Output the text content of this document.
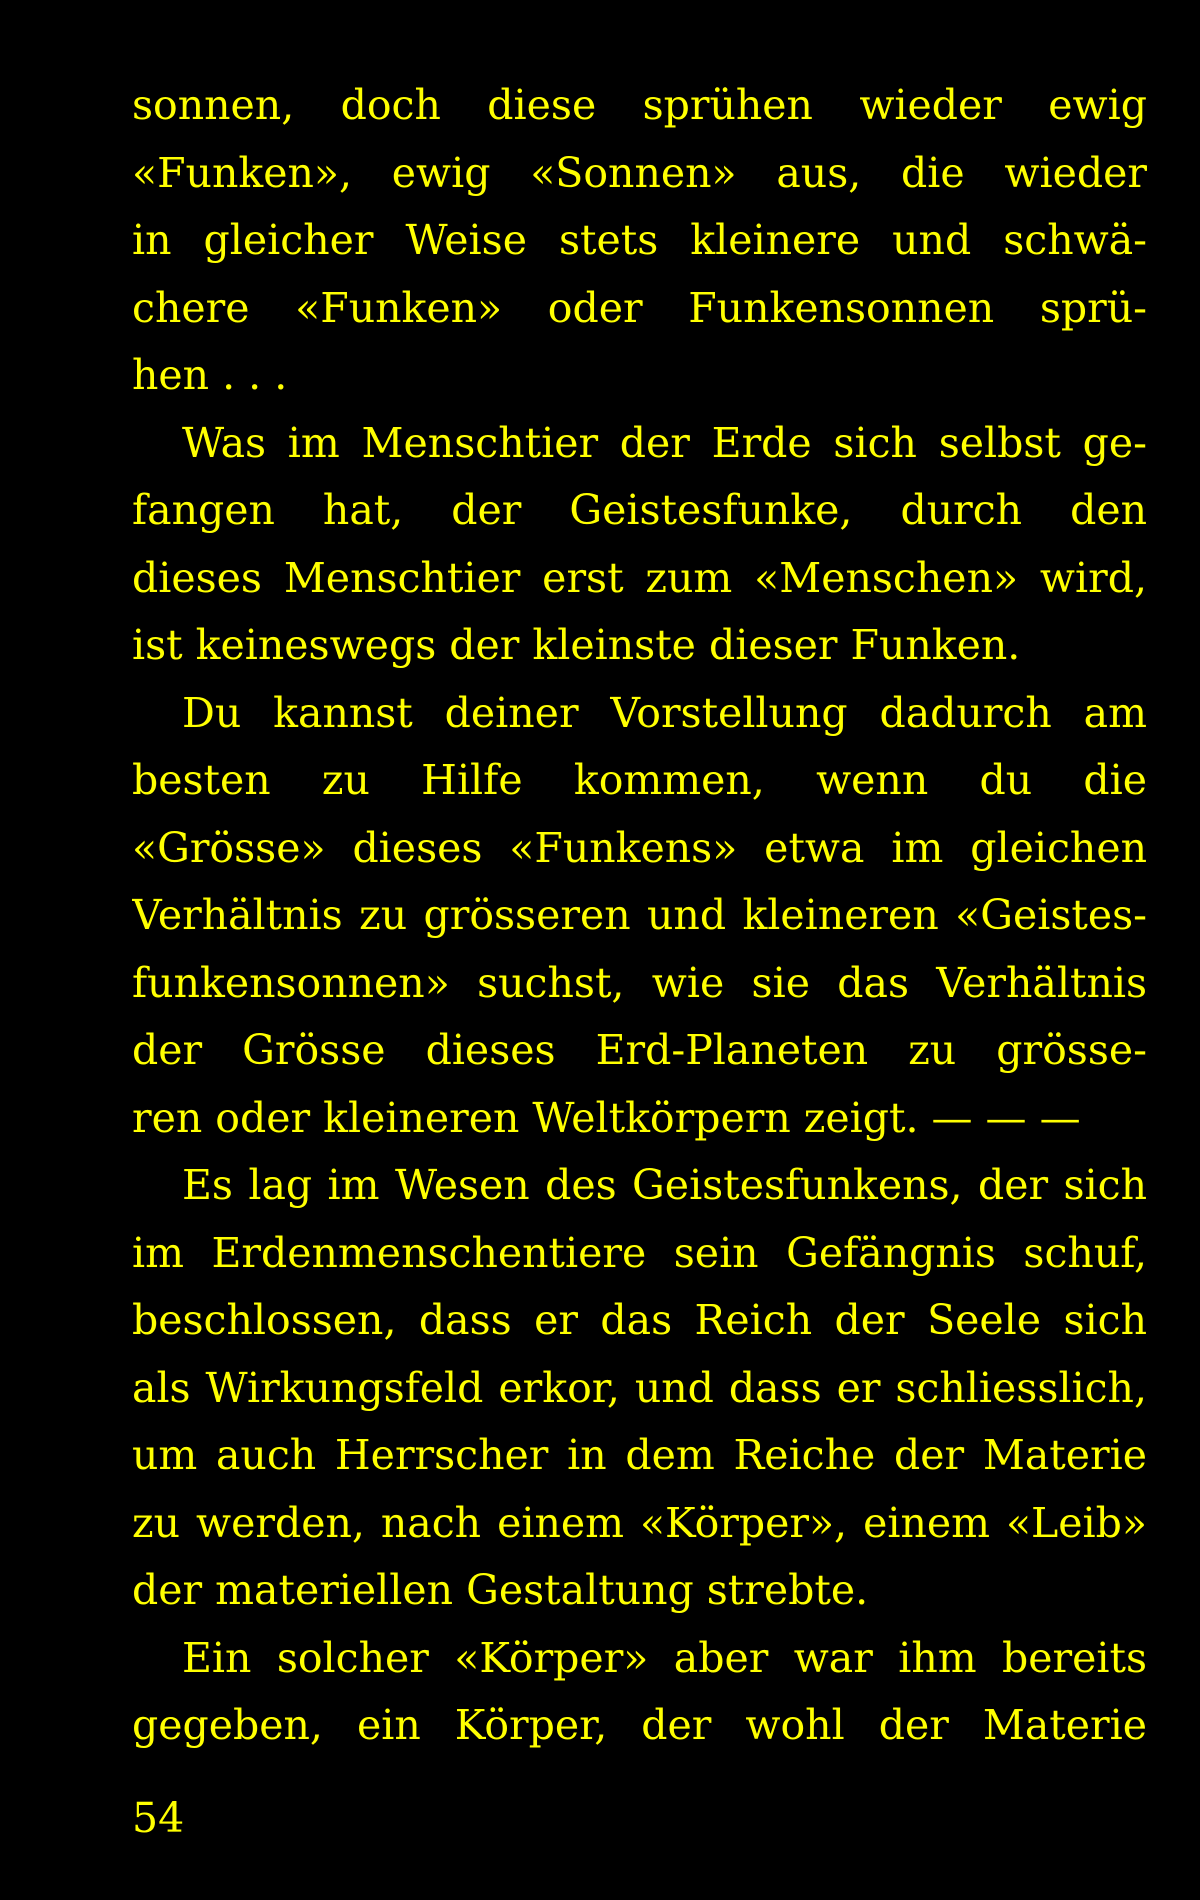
sonnen, doch diese sprühen wieder ewig
«Funken», ewig «Sonnen» aus, die wieder
in gleicher Weise stets kleinere und schwä-
chere «Funken» oder Funkensonnen sprü-
hen . . .
Was im Menschtier der Erde sich selbst ge-
fangen hat, der Geistesfunke, durch den
dieses Menschtier erst zum «Menschen» wird,
ist keineswegs der kleinste dieser Funken.
Du kannst deiner Vorstellung dadurch am
besten zu Hilfe kommen, wenn du die
«Grösse» dieses «Funkens» etwa im gleichen
Verhältnis zu grösseren und kleineren «Geistes-
funkensonnen» suchst, wie sie das Verhältnis
der Grösse dieses Erd-Planeten zu grösse-
ren oder kleineren Weltkörpern zeigt. — — —
Es lag im Wesen des Geistesfunkens, der sich
im Erdenmenschentiere sein Gefängnis schuf,
beschlossen, dass er das Reich der Seele sich
als Wirkungsfeld erkor, und dass er schliesslich,
um auch Herrscher in dem Reiche der Materie
zu werden, nach einem «Körper», einem «Leib»
der materiellen Gestaltung strebte.
Ein solcher «Körper» aber war ihm bereits
gegeben, ein Körper, der wohl der Materie
54
